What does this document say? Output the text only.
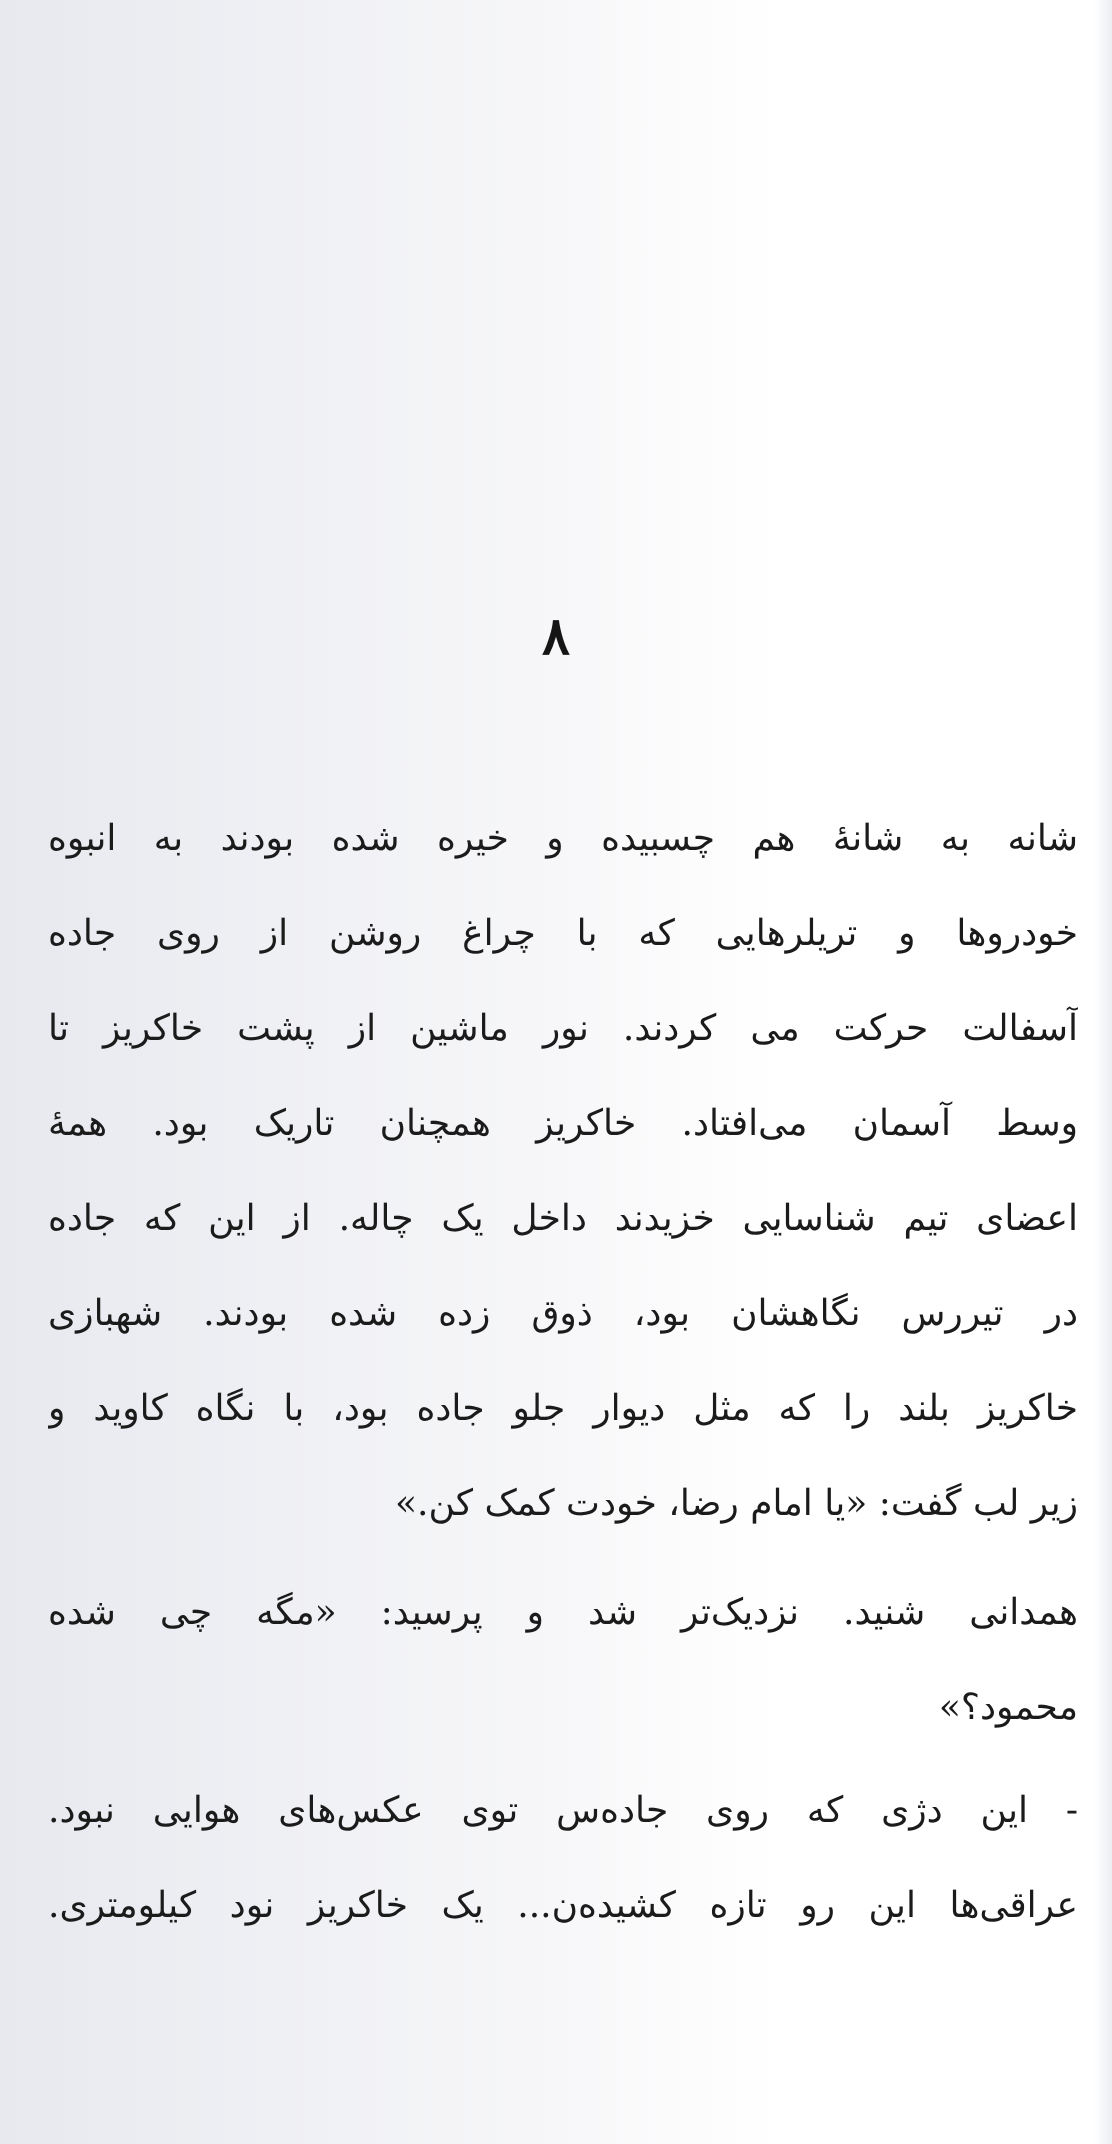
۸
شانه به شانهٔ هم چسبیده و خیره شده بودند به انبوه
خودروها و تریلرهایی که با چراغ روشن از روی جاده
آسفالت حرکت می کردند. نور ماشین از پشت خاکریز تا
وسط آسمان می‌افتاد. خاکریز همچنان تاریک بود. همهٔ
اعضای تیم شناسایی خزیدند داخل یک چاله. از این که جاده
در تیررس نگاهشان بود، ذوق زده شده بودند. شهبازی
خاکریز بلند را که مثل دیوار جلو جاده بود، با نگاه کاوید و
زیر لب گفت: «یا امام رضا، خودت کمک کن.»
همدانی شنید. نزدیک‌تر شد و پرسید: «مگه چی شده
محمود؟»
- این دژی که روی جاده‌س توی عکس‌های هوایی نبود.
عراقی‌ها این رو تازه کشیده‌ن... یک خاکریز نود کیلومتری.
